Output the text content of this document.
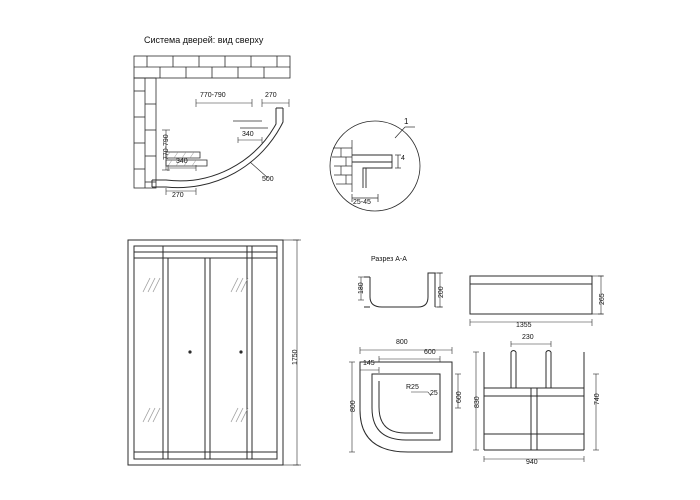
Система дверей: вид сверху
770-790	270
770-790	340
340
270
500
1
4
25-45
1750
Разрез А-А
180	200
265
1355
800
600
145
600
800
R25
25
230
740
830
940
